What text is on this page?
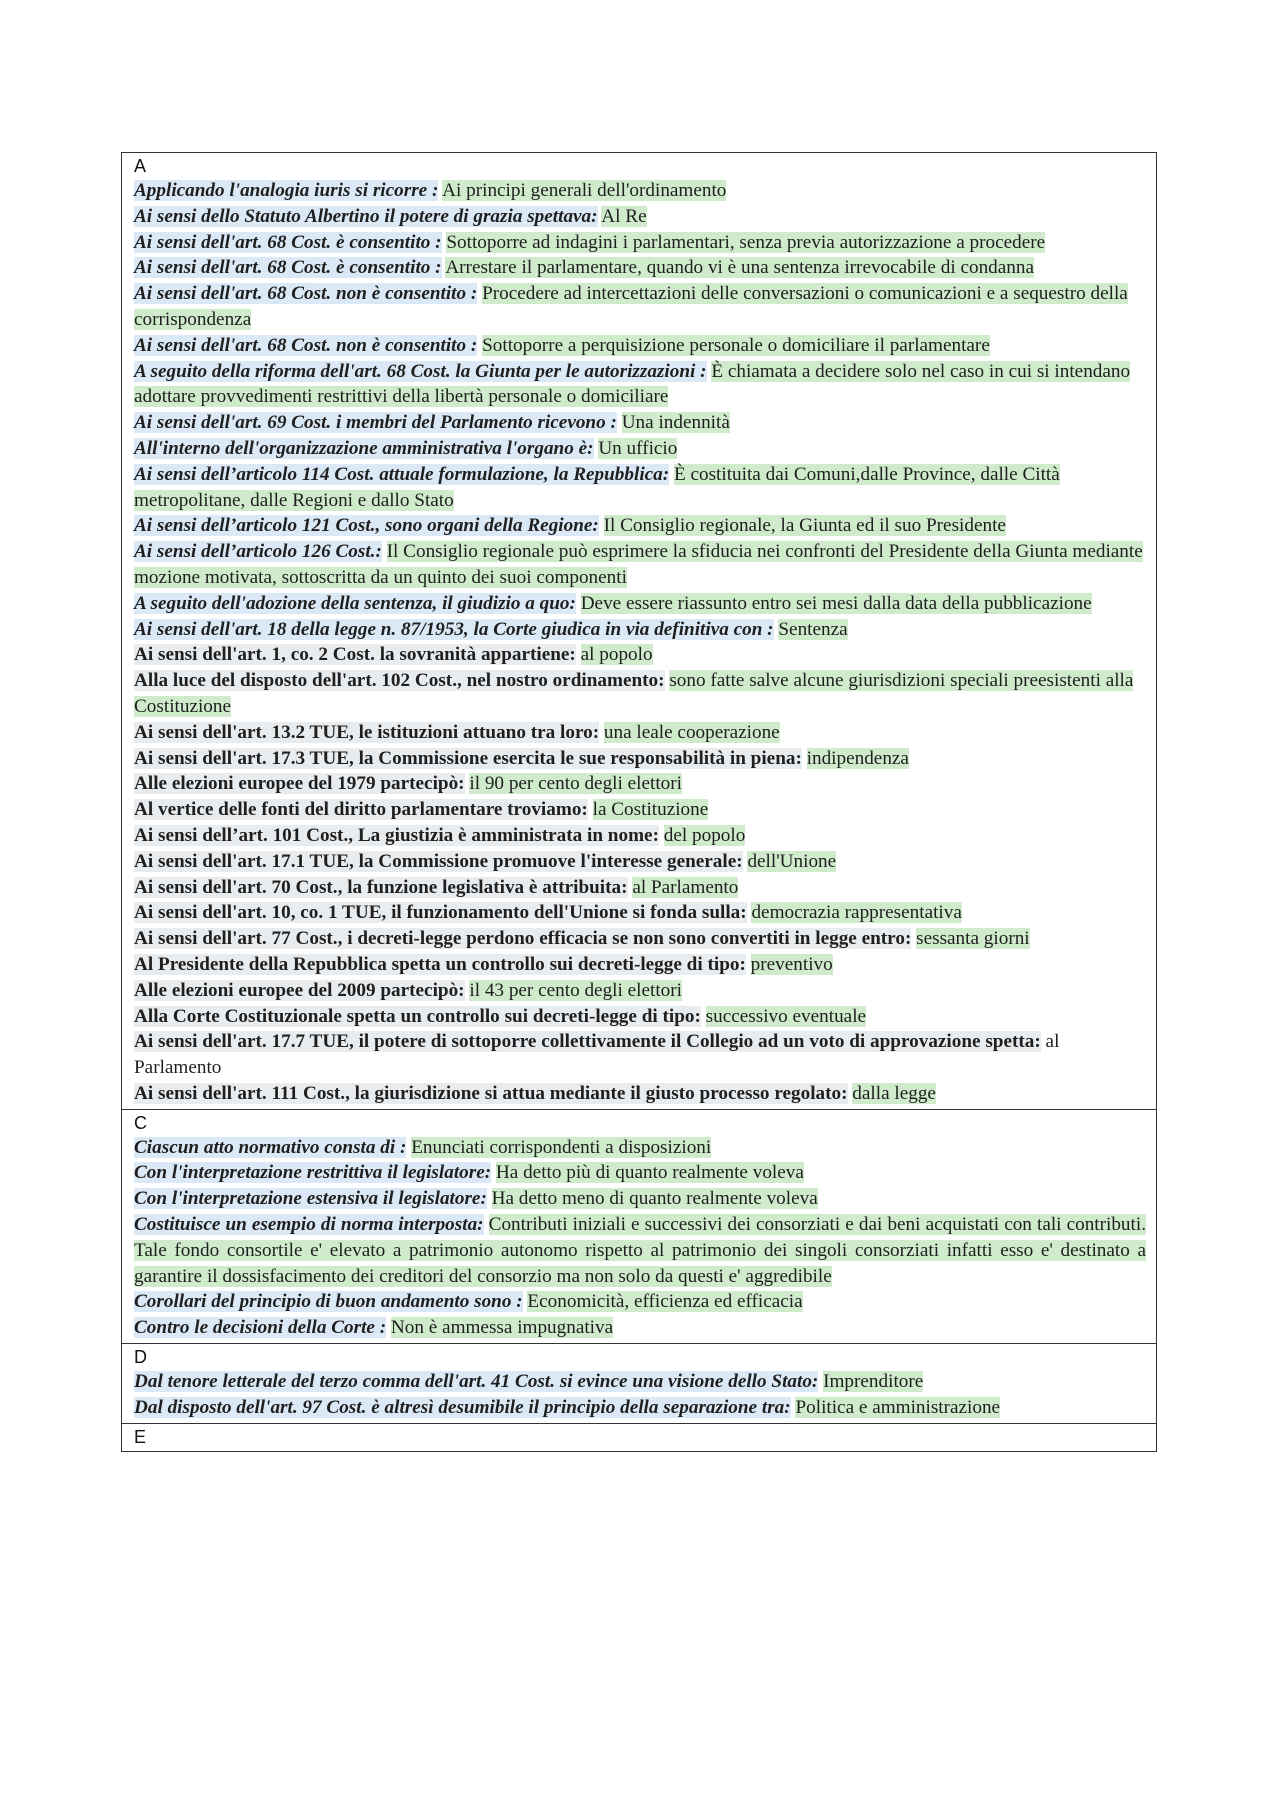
A

Applicando l'analogia iuris si ricorre : Ai principi generali dell'ordinamento

Ai sensi dello Statuto Albertino il potere di grazia spettava: Al Re

Ai sensi dell'art. 68 Cost. è consentito : Sottoporre ad indagini i parlamentari, senza previa autorizzazione a procedere

Ai sensi dell'art. 68 Cost. è consentito : Arrestare il parlamentare, quando vi è una sentenza irrevocabile di condanna

Ai sensi dell'art. 68 Cost. non è consentito : Procedere ad intercettazioni delle conversazioni o comunicazioni e a sequestro della corrispondenza

Ai sensi dell'art. 68 Cost. non è consentito : Sottoporre a perquisizione personale o domiciliare il parlamentare

A seguito della riforma dell'art. 68 Cost. la Giunta per le autorizzazioni : È chiamata a decidere solo nel caso in cui si intendano adottare provvedimenti restrittivi della libertà personale o domiciliare

Ai sensi dell'art. 69 Cost. i membri del Parlamento ricevono : Una indennità

All'interno dell'organizzazione amministrativa l'organo è: Un ufficio

Ai sensi dell’articolo 114 Cost. attuale formulazione, la Repubblica: È costituita dai Comuni,dalle Province, dalle Città metropolitane, dalle Regioni e dallo Stato

Ai sensi dell’articolo 121 Cost., sono organi della Regione: Il Consiglio regionale, la Giunta ed il suo Presidente

Ai sensi dell’articolo 126 Cost.: Il Consiglio regionale può esprimere la sfiducia nei confronti del Presidente della Giunta mediante mozione motivata, sottoscritta da un quinto dei suoi componenti

A seguito dell'adozione della sentenza, il giudizio a quo: Deve essere riassunto entro sei mesi dalla data della pubblicazione

Ai sensi dell'art. 18 della legge n. 87/1953, la Corte giudica in via definitiva con : Sentenza

Ai sensi dell'art. 1, co. 2 Cost. la sovranità appartiene: al popolo

Alla luce del disposto dell'art. 102 Cost., nel nostro ordinamento: sono fatte salve alcune giurisdizioni speciali preesistenti alla Costituzione

Ai sensi dell'art. 13.2 TUE, le istituzioni attuano tra loro: una leale cooperazione

Ai sensi dell'art. 17.3 TUE, la Commissione esercita le sue responsabilità in piena: indipendenza

Alle elezioni europee del 1979 partecipò: il 90 per cento degli elettori

Al vertice delle fonti del diritto parlamentare troviamo: la Costituzione

Ai sensi dell’art. 101 Cost., La giustizia è amministrata in nome: del popolo

Ai sensi dell'art. 17.1 TUE, la Commissione promuove l'interesse generale: dell'Unione

Ai sensi dell'art. 70 Cost., la funzione legislativa è attribuita: al Parlamento

Ai sensi dell'art. 10, co. 1 TUE, il funzionamento dell'Unione si fonda sulla: democrazia rappresentativa

Ai sensi dell'art. 77 Cost., i decreti-legge perdono efficacia se non sono convertiti in legge entro: sessanta giorni

Al Presidente della Repubblica spetta un controllo sui decreti-legge di tipo: preventivo

Alle elezioni europee del 2009 partecipò: il 43 per cento degli elettori

Alla Corte Costituzionale spetta un controllo sui decreti-legge di tipo: successivo eventuale

Ai sensi dell'art. 17.7 TUE, il potere di sottoporre collettivamente il Collegio ad un voto di approvazione spetta: al Parlamento

Ai sensi dell'art. 111 Cost., la giurisdizione si attua mediante il giusto processo regolato: dalla legge

C

Ciascun atto normativo consta di : Enunciati corrispondenti a disposizioni

Con l'interpretazione restrittiva il legislatore: Ha detto più di quanto realmente voleva

Con l'interpretazione estensiva il legislatore: Ha detto meno di quanto realmente voleva

Costituisce un esempio di norma interposta: Contributi iniziali e successivi dei consorziati e dai beni acquistati con tali contributi. Tale fondo consortile e' elevato a patrimonio autonomo rispetto al patrimonio dei singoli consorziati infatti esso e' destinato a garantire il dossisfacimento dei creditori del consorzio ma non solo da questi e' aggredibile

Corollari del principio di buon andamento sono : Economicità, efficienza ed efficacia

Contro le decisioni della Corte : Non è ammessa impugnativa

D

Dal tenore letterale del terzo comma dell'art. 41 Cost. si evince una visione dello Stato: Imprenditore

Dal disposto dell'art. 97 Cost. è altresì desumibile il principio della separazione tra: Politica e amministrazione

E
